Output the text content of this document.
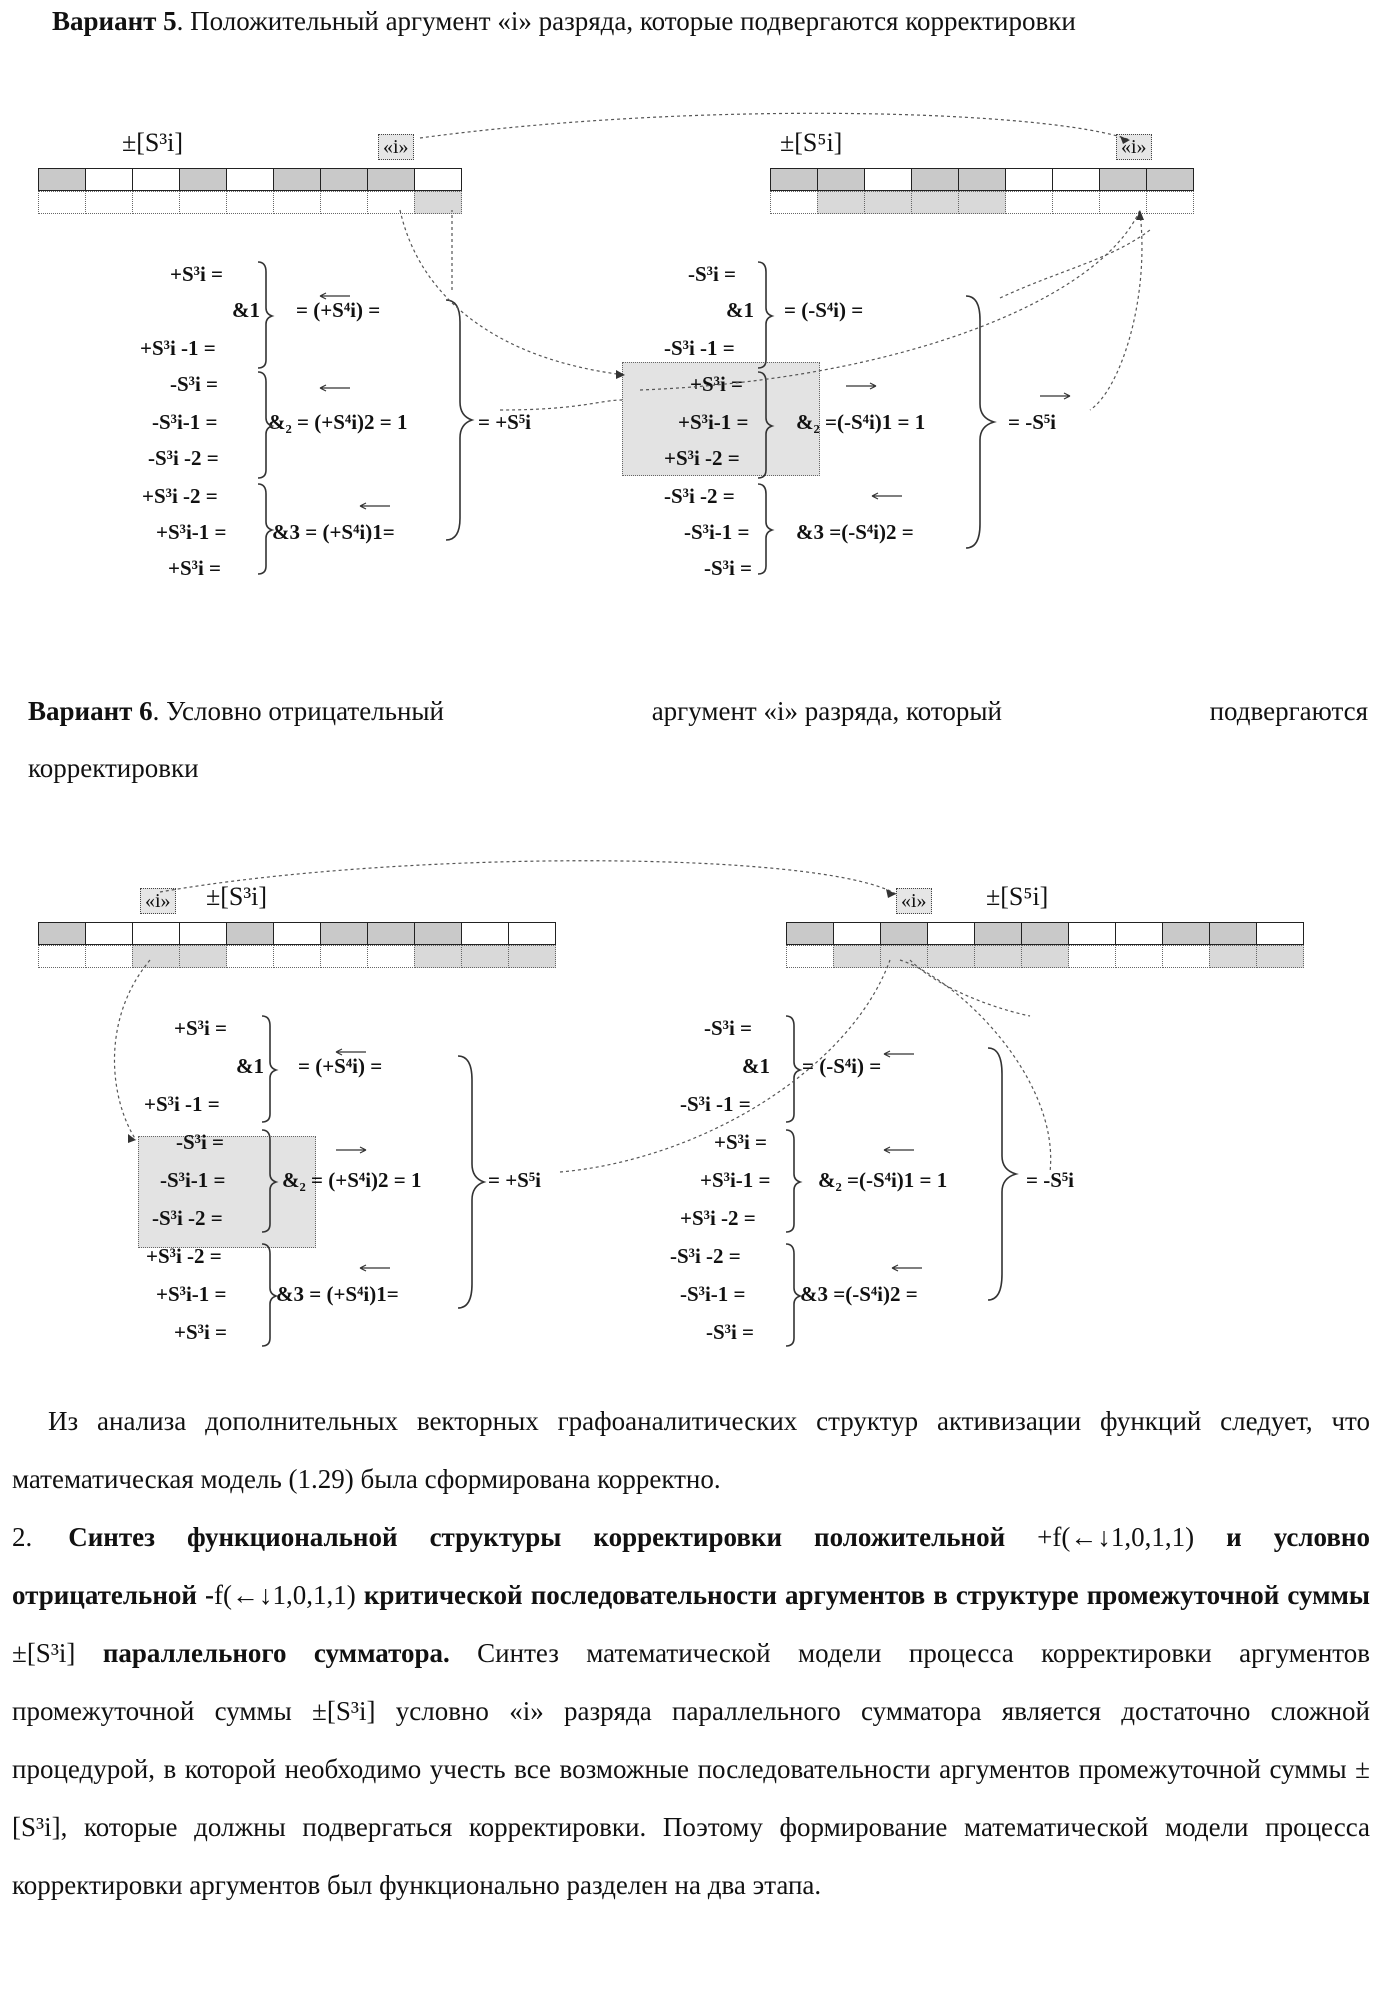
Вариант 5. Положительный аргумент «i» разряда, которые подвергаются корректировки
±[S³i]	±[S⁵i]
«i»	«i»
+S³i =
&1 = (+S⁴i) =
+S³i -1 =
-S³i =
-S³i-1 = &₂ = (+S⁴i)2 = 1	= +S⁵i
-S³i -2 =
+S³i -2 =
+S³i-1 = &3 = (+S⁴i)1=
+S³i =
-S³i =
&1 = (-S⁴i) =
-S³i -1 =
+S³i =
+S³i-1 = &₂ =(-S⁴i)1 = 1	= -S⁵i
+S³i -2 =
-S³i -2 =
-S³i-1 = &3 =(-S⁴i)2 =
-S³i =
Вариант 6. Условно отрицательный	аргумент «i» разряда, который	подвергаются
корректировки
±[S³i]	±[S⁵i]
«i»	«i»
+S³i =
&1 = (+S⁴i) =
+S³i -1 =
-S³i =
-S³i-1 =	&₂ = (+S⁴i)2 = 1	= +S⁵i
-S³i -2 =
+S³i -2 =
+S³i-1 = &3 = (+S⁴i)1=
+S³i =
-S³i =
&1 = (-S⁴i) =
-S³i -1 =
+S³i =
+S³i-1 = &₂ =(-S⁴i)1 = 1	= -S⁵i
+S³i -2 =
-S³i -2 =
-S³i-1 =	&3 =(-S⁴i)2 =
-S³i =
Из анализа дополнительных векторных графоаналитических структур активизации функций следует, что математическая модель (1.29) была сформирована корректно.
2. Синтез функциональной структуры корректировки положительной +f(←↓1,0,1,1) и условно отрицательной -f(←↓1,0,1,1) критической последовательности аргументов в структуре промежуточной суммы ±[S³i] параллельного сумматора. Синтез математической модели процесса корректировки аргументов промежуточной суммы ±[S³i] условно «i» разряда параллельного сумматора является достаточно сложной процедурой, в которой необходимо учесть все возможные последовательности аргументов промежуточной суммы ±[S³i], которые должны подвергаться корректировки. Поэтому формирование математической модели процесса корректировки аргументов был функционально разделен на два этапа.
